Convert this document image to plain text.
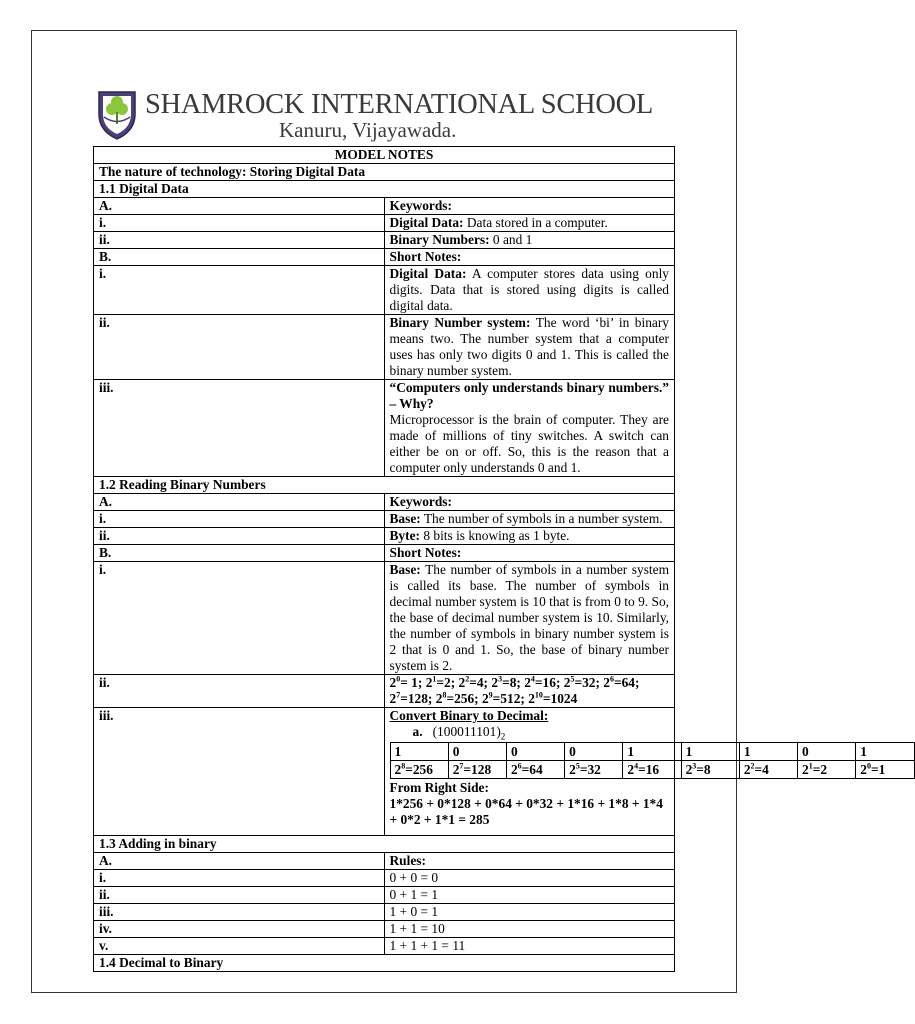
SHAMROCK INTERNATIONAL SCHOOL
Kanuru, Vijayawada.
MODEL NOTES
The nature of technology: Storing Digital Data
1.1 Digital Data
A.	Keywords:
i.	Digital Data: Data stored in a computer.
ii.	Binary Numbers: 0 and 1
B.	Short Notes:
i.	Digital Data: A computer stores data using only digits. Data that is stored using digits is called digital data.
ii.	Binary Number system: The word ‘bi’ in binary means two. The number system that a computer uses has only two digits 0 and 1. This is called the binary number system.
iii.	“Computers only understands binary numbers.” – Why?
Microprocessor is the brain of computer. They are made of millions of tiny switches. A switch can either be on or off. So, this is the reason that a computer only understands 0 and 1.

1.2 Reading Binary Numbers
A.	Keywords:
i.	Base: The number of symbols in a number system.
ii.	Byte: 8 bits is knowing as 1 byte.
B.	Short Notes:
i.	Base: The number of symbols in a number system is called its base. The number of symbols in decimal number system is 10 that is from 0 to 9. So, the base of decimal number system is 10. Similarly, the number of symbols in binary number system is 2 that is 0 and 1. So, the base of binary number system is 2.
ii.	$2^0= 1$; $2^1=2$; $2^2=4$; $2^3=8$; $2^4=16$; $2^5=32$; $2^6=64$; $2^7=128$; $2^8=256$; $2^9=512$; $2^{10}=1024$
iii.	Convert Binary to Decimal:
a. $(100011101)_2$
1	0	0	0	1	1	1	0	1
$2^8=256$	$2^7=128$	$2^6=64$	$2^5=32$	$2^4=16$	$2^3=8$	$2^2=4$	$2^1=2$	$2^0=1$
From Right Side:
1*256 + 0*128 + 0*64 + 0*32 + 1*16 + 1*8 + 1*4 + 0*2 + 1*1 = 285

1.3 Adding in binary
A.	Rules:
i.	0 + 0 = 0
ii.	0 + 1 = 1
iii.	1 + 0 = 1
iv.	1 + 1 = 10
v.	1 + 1 + 1 = 11
1.4 Decimal to Binary
